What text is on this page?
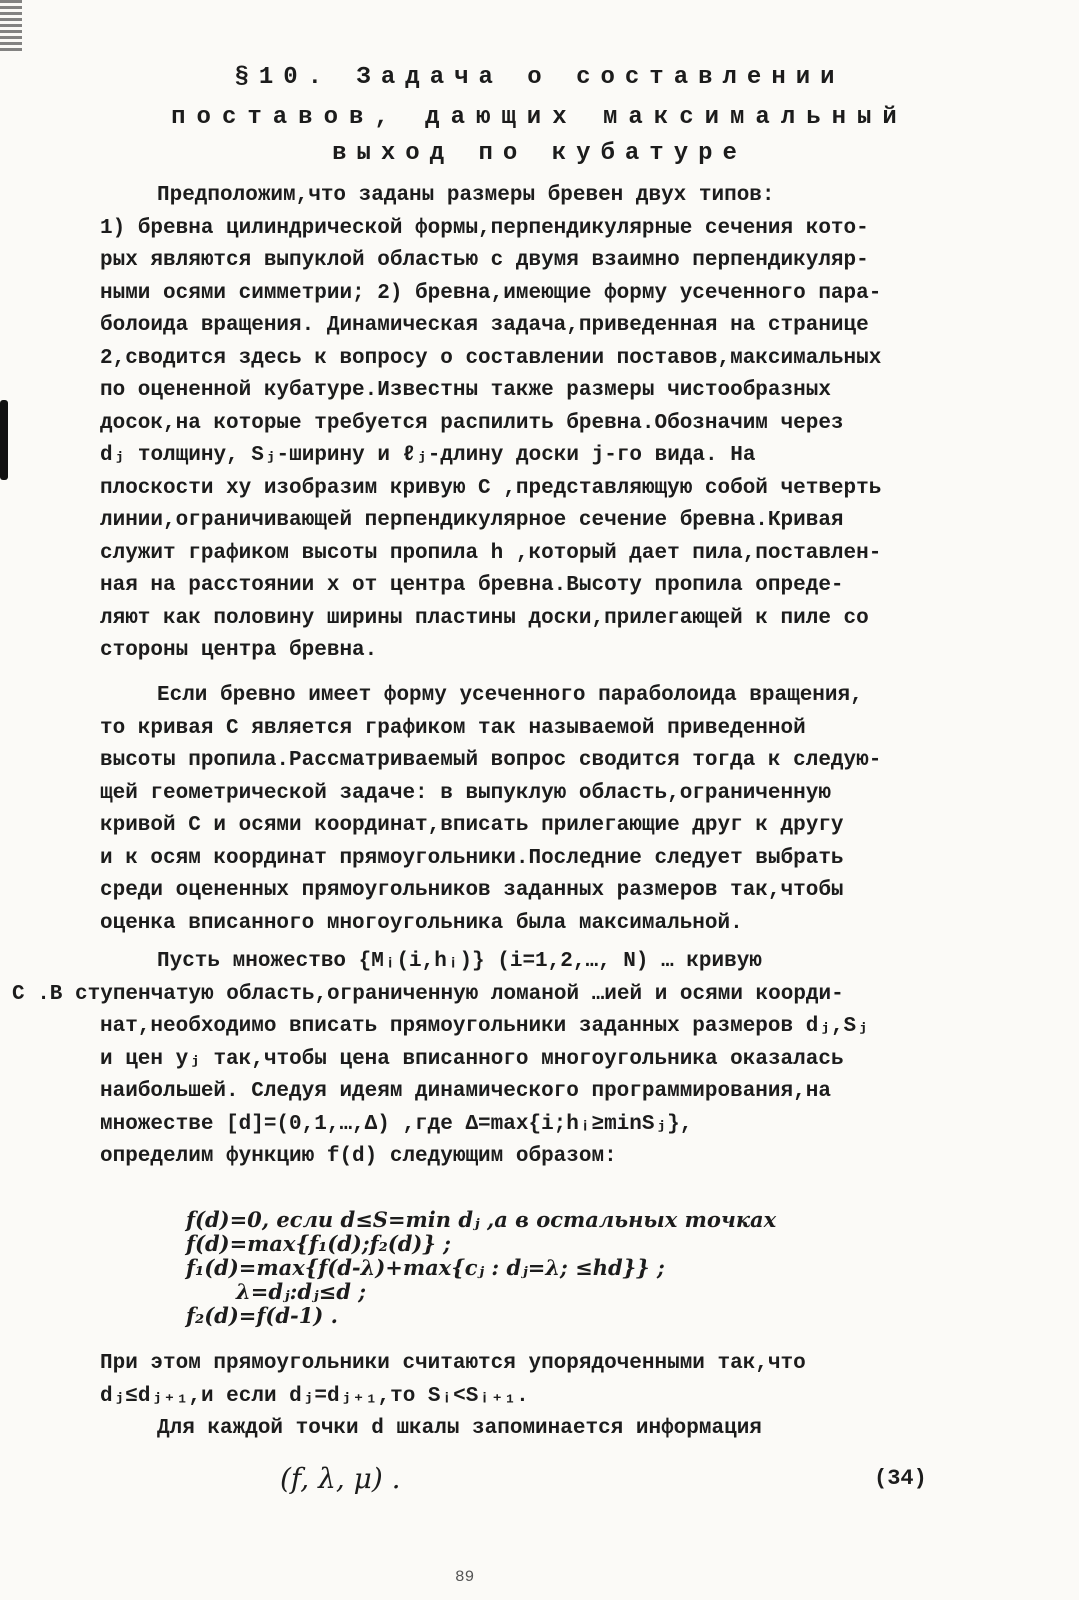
§10. Задача о составлении
поставов, дающих максимальный
выход по кубатуре
Предположим,что заданы размеры бревен двух типов:
1) бревна цилиндрической формы,перпендикулярные сечения кото-
рых являются выпуклой областью с двумя взаимно перпендикуляр-
ными осями симметрии; 2) бревна,имеющие форму усеченного пара-
болоида вращения. Динамическая задача,приведенная на странице
2,сводится здесь к вопросу о составлении поставов,максимальных
по оцененной кубатуре.Известны также размеры чистообразных
досок,на которые требуется распилить бревна.Обозначим через
dⱼ толщину, Sⱼ-ширину и ℓⱼ-длину доски j-го вида. На
плоскости xy изобразим кривую C ,представляющую собой четверть
линии,ограничивающей перпендикулярное сечение бревна.Кривая
служит графиком высоты пропила h ,который дает пила,поставлен-
ная на расстоянии x от центра бревна.Высоту пропила опреде-
ляют как половину ширины пластины доски,прилегающей к пиле со
стороны центра бревна.
Если бревно имеет форму усеченного параболоида вращения,
то кривая C является графиком так называемой приведенной
высоты пропила.Рассматриваемый вопрос сводится тогда к следую-
щей геометрической задаче: в выпуклую область,ограниченную
кривой C и осями координат,вписать прилегающие друг к другу
и к осям координат прямоугольники.Последние следует выбрать
среди оцененных прямоугольников заданных размеров так,чтобы
оценка вписанного многоугольника была максимальной.
Пусть множество {Mᵢ(i,hᵢ)} (i=1,2,…, N) … кривую
C .В ступенчатую область,ограниченную ломаной …ией и осями коорди-
нат,необходимо вписать прямоугольники заданных размеров dⱼ,Sⱼ
и цен yⱼ так,чтобы цена вписанного многоугольника оказалась
наибольшей. Следуя идеям динамического программирования,на
множестве [d]=(0,1,…,Δ) ,где Δ=max{i;hᵢ≥minSⱼ},
определим функцию f(d) следующим образом:
f(d)=0, если d≤S=min dⱼ ,а в остальных точках
f(d)=max{f₁(d);f₂(d)} ;
f₁(d)=max{f(d-λ)+max{cⱼ : dⱼ=λ; ≤hd}} ;
λ=dⱼ:dⱼ≤d ;
f₂(d)=f(d-1) .
При этом прямоугольники считаются упорядоченными так,что
dⱼ≤dⱼ₊₁,и если dⱼ=dⱼ₊₁,то Sᵢ<Sᵢ₊₁.
Для каждой точки d шкалы запоминается информация
(f, λ, μ) .	(34)
89
